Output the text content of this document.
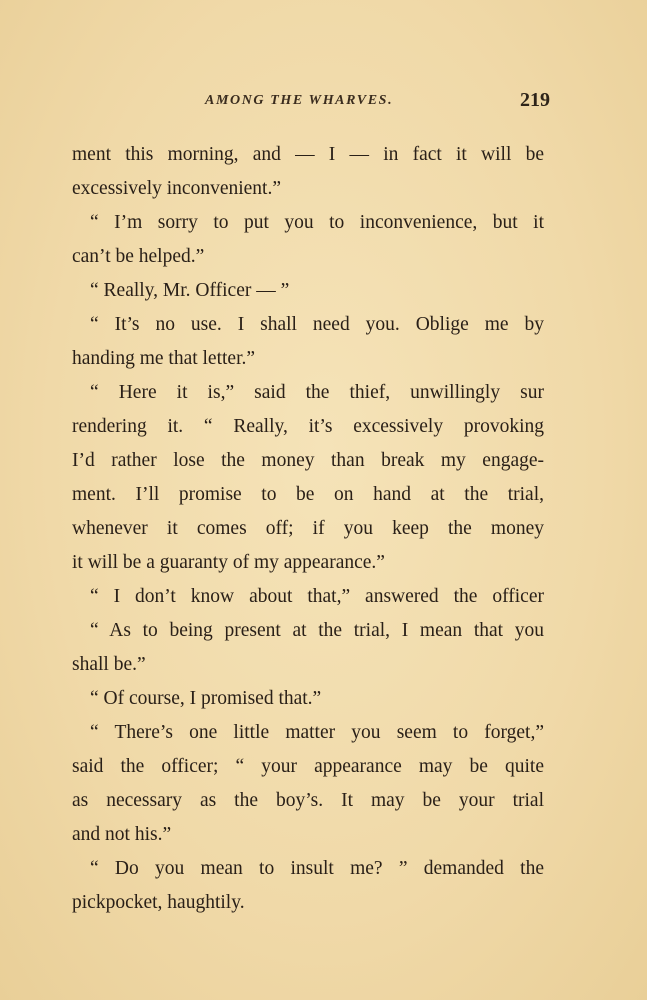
AMONG THE WHARVES.	219
ment this morning, and — I — in fact it will be
excessively inconvenient.”
“ I’m sorry to put you to inconvenience, but it
can’t be helped.”
“ Really, Mr. Officer — ”
“ It’s no use. I shall need you. Oblige me by
handing me that letter.”
“ Here it is,” said the thief, unwillingly sur
rendering it. “ Really, it’s excessively provoking
I’d rather lose the money than break my engage-
ment. I’ll promise to be on hand at the trial,
whenever it comes off; if you keep the money
it will be a guaranty of my appearance.”
“ I don’t know about that,” answered the officer
“ As to being present at the trial, I mean that you
shall be.”
“ Of course, I promised that.”
“ There’s one little matter you seem to forget,”
said the officer; “ your appearance may be quite
as necessary as the boy’s. It may be your trial
and not his.”
“ Do you mean to insult me? ” demanded the
pickpocket, haughtily.
